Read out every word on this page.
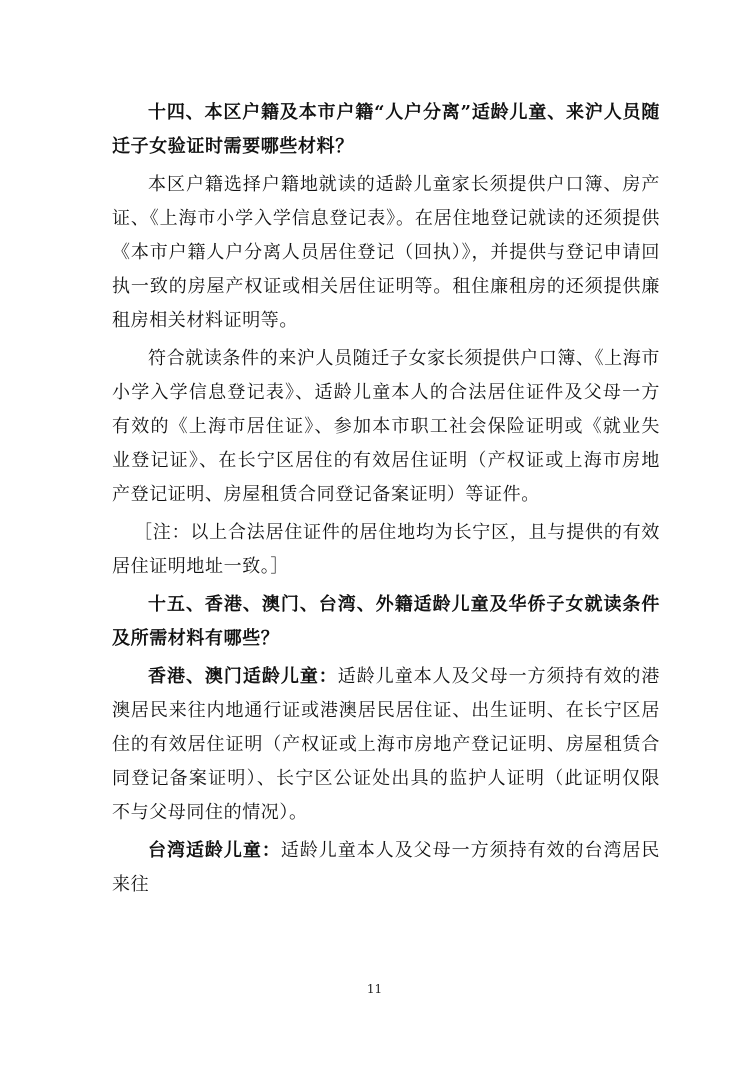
十四、本区户籍及本市户籍“人户分离”适龄儿童、来沪人员随迁子女验证时需要哪些材料？

本区户籍选择户籍地就读的适龄儿童家长须提供户口簿、房产证、《上海市小学入学信息登记表》。在居住地登记就读的还须提供《本市户籍人户分离人员居住登记（回执）》，并提供与登记申请回执一致的房屋产权证或相关居住证明等。租住廉租房的还须提供廉租房相关材料证明等。

符合就读条件的来沪人员随迁子女家长须提供户口簿、《上海市小学入学信息登记表》、适龄儿童本人的合法居住证件及父母一方有效的《上海市居住证》、参加本市职工社会保险证明或《就业失业登记证》、在长宁区居住的有效居住证明（产权证或上海市房地产登记证明、房屋租赁合同登记备案证明）等证件。

［注：以上合法居住证件的居住地均为长宁区，且与提供的有效居住证明地址一致。］

十五、香港、澳门、台湾、外籍适龄儿童及华侨子女就读条件及所需材料有哪些？

香港、澳门适龄儿童：适龄儿童本人及父母一方须持有效的港澳居民来往内地通行证或港澳居民居住证、出生证明、在长宁区居住的有效居住证明（产权证或上海市房地产登记证明、房屋租赁合同登记备案证明）、长宁区公证处出具的监护人证明（此证明仅限不与父母同住的情况）。

台湾适龄儿童：适龄儿童本人及父母一方须持有效的台湾居民来往

11
